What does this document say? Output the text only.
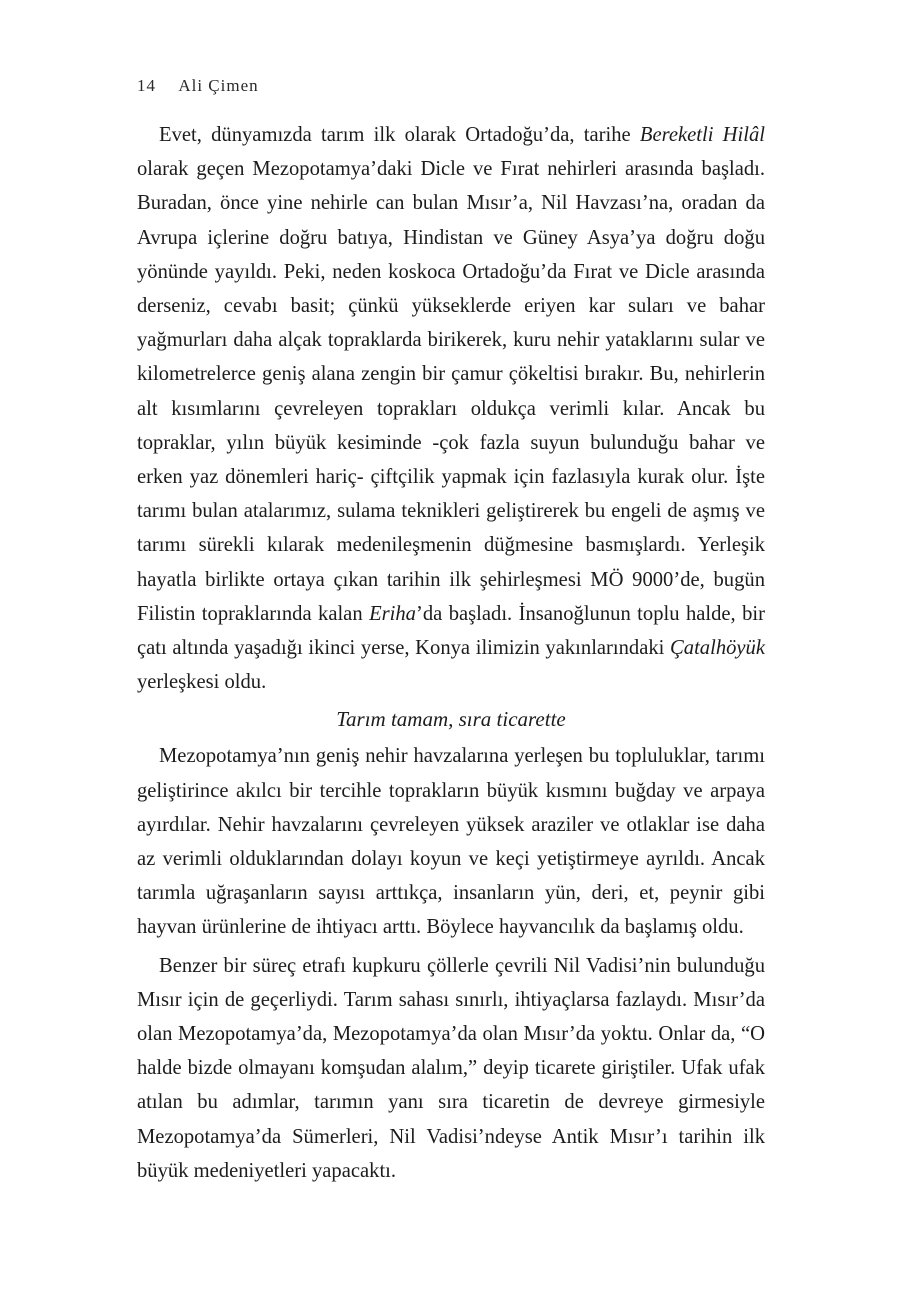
14 Ali Çimen

Evet, dünyamızda tarım ilk olarak Ortadoğu’da, tarihe Bereketli Hilâl olarak geçen Mezopotamya’daki Dicle ve Fırat nehirleri arasında başladı. Buradan, önce yine nehirle can bulan Mısır’a, Nil Havzası’na, oradan da Avrupa içlerine doğru batıya, Hindistan ve Güney Asya’ya doğru doğu yönünde yayıldı. Peki, neden koskoca Ortadoğu’da Fırat ve Dicle arasında derseniz, cevabı basit; çünkü yükseklerde eriyen kar suları ve bahar yağmurları daha alçak topraklarda birikerek, kuru nehir yataklarını sular ve kilometrelerce geniş alana zengin bir çamur çökeltisi bırakır. Bu, nehirlerin alt kısımlarını çevreleyen toprakları oldukça verimli kılar. Ancak bu topraklar, yılın büyük kesiminde -çok fazla suyun bulunduğu bahar ve erken yaz dönemleri hariç- çiftçilik yapmak için fazlasıyla kurak olur. İşte tarımı bulan atalarımız, sulama teknikleri geliştirerek bu engeli de aşmış ve tarımı sürekli kılarak medenileşmenin düğmesine basmışlardı. Yerleşik hayatla birlikte ortaya çıkan tarihin ilk şehirleşmesi MÖ 9000’de, bugün Filistin topraklarında kalan Eriha’da başladı. İnsanoğlunun toplu halde, bir çatı altında yaşadığı ikinci yerse, Konya ilimizin yakınlarındaki Çatalhöyük yerleşkesi oldu.

Tarım tamam, sıra ticarette

Mezopotamya’nın geniş nehir havzalarına yerleşen bu topluluklar, tarımı geliştirince akılcı bir tercihle toprakların büyük kısmını buğday ve arpaya ayırdılar. Nehir havzalarını çevreleyen yüksek araziler ve otlaklar ise daha az verimli olduklarından dolayı koyun ve keçi yetiştirmeye ayrıldı. Ancak tarımla uğraşanların sayısı arttıkça, insanların yün, deri, et, peynir gibi hayvan ürünlerine de ihtiyacı arttı. Böylece hayvancılık da başlamış oldu.

Benzer bir süreç etrafı kupkuru çöllerle çevrili Nil Vadisi’nin bulunduğu Mısır için de geçerliydi. Tarım sahası sınırlı, ihtiyaçlarsa fazlaydı. Mısır’da olan Mezopotamya’da, Mezopotamya’da olan Mısır’da yoktu. Onlar da, “O halde bizde olmayanı komşudan alalım,” deyip ticarete giriştiler. Ufak ufak atılan bu adımlar, tarımın yanı sıra ticaretin de devreye girmesiyle Mezopotamya’da Sümerleri, Nil Vadisi’ndeyse Antik Mısır’ı tarihin ilk büyük medeniyetleri yapacaktı.
